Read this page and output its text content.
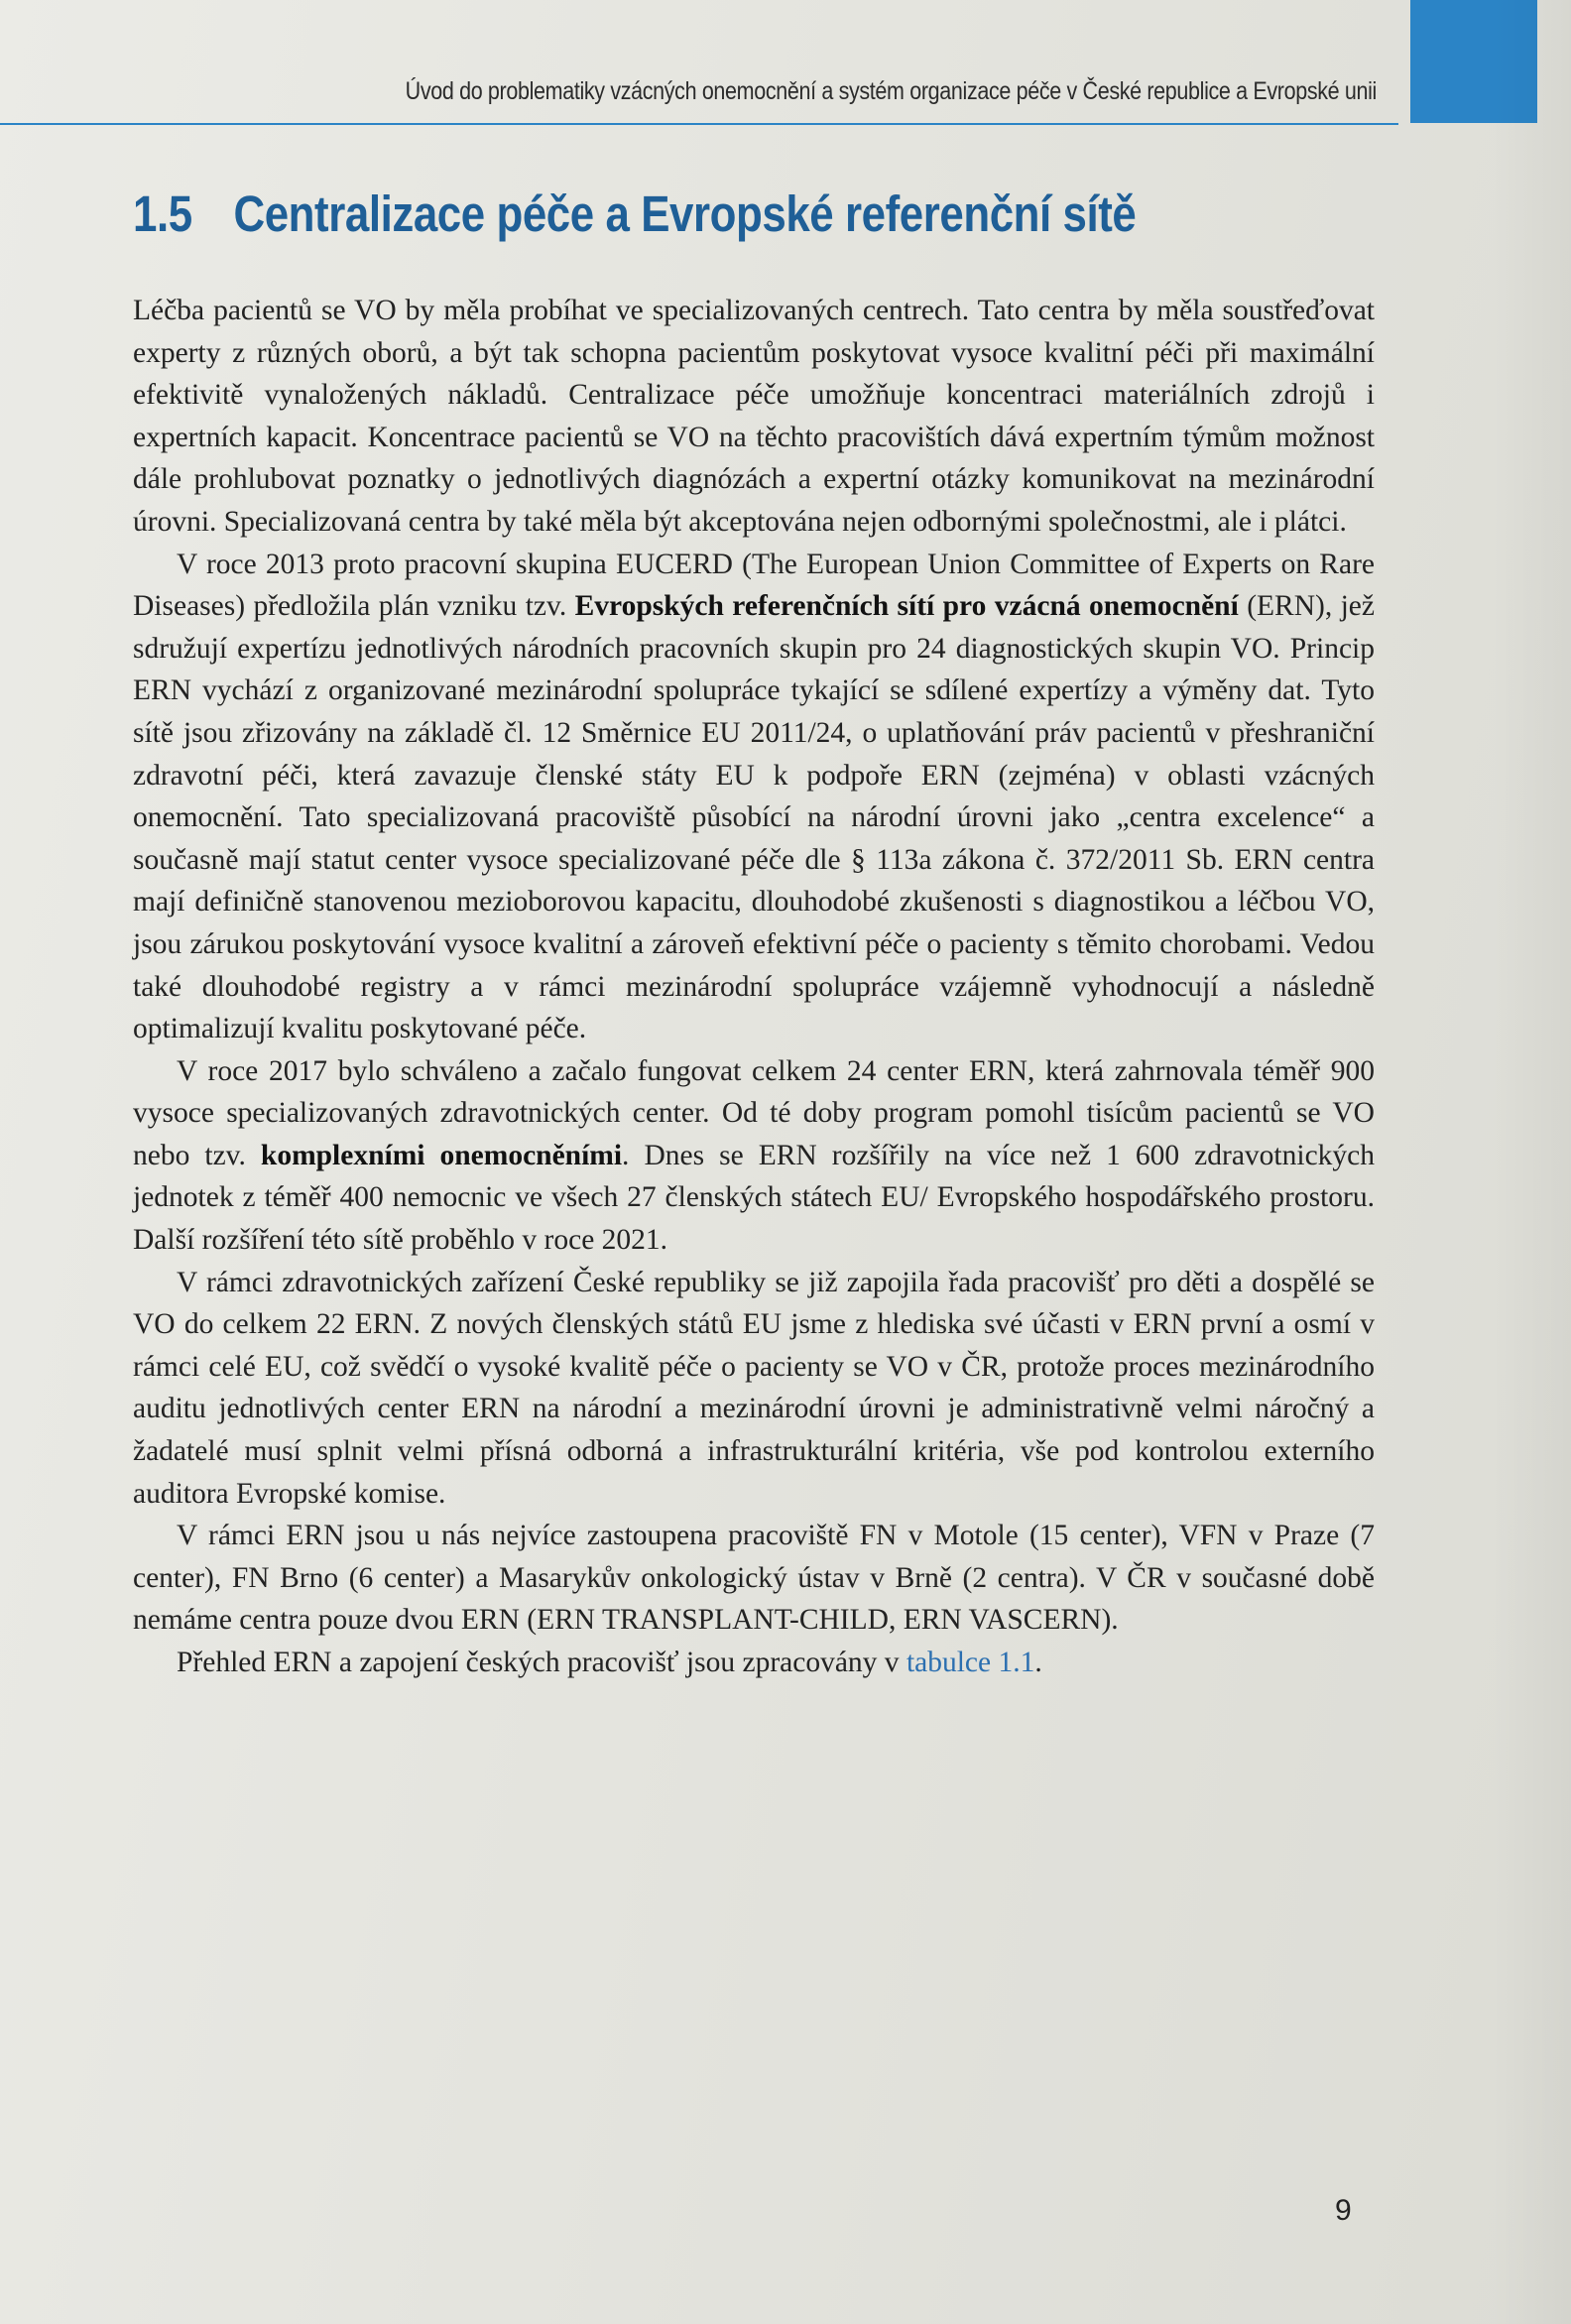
Úvod do problematiky vzácných onemocnění a systém organizace péče v České republice a Evropské unii
1.5 Centralizace péče a Evropské referenční sítě

Léčba pacientů se VO by měla probíhat ve specializovaných centrech. Tato centra by měla soustřeďovat experty z různých oborů, a být tak schopna pacientům poskytovat vysoce kvalitní péči při maximální efektivitě vynaložených nákladů. Centralizace péče umožňuje koncentraci materiálních zdrojů i expertních kapacit. Koncentrace pacientů se VO na těchto pracovištích dává expertním týmům možnost dále prohlubovat poznatky o jednotlivých diagnózách a expertní otázky komunikovat na mezinárodní úrovni. Specializovaná centra by také měla být akceptována nejen odbornými společnostmi, ale i plátci.

V roce 2013 proto pracovní skupina EUCERD (The European Union Committee of Experts on Rare Diseases) předložila plán vzniku tzv. Evropských referenčních sítí pro vzácná onemocnění (ERN), jež sdružují expertízu jednotlivých národních pracovních skupin pro 24 diagnostických skupin VO. Princip ERN vychází z organizované mezinárodní spolupráce tykající se sdílené expertízy a výměny dat. Tyto sítě jsou zřizovány na základě čl. 12 Směrnice EU 2011/24, o uplatňování práv pacientů v přeshraniční zdravotní péči, která zavazuje členské státy EU k podpoře ERN (zejména) v oblasti vzácných onemocnění. Tato specializovaná pracoviště působící na národní úrovni jako „centra excelence“ a současně mají statut center vysoce specializované péče dle § 113a zákona č. 372/2011 Sb. ERN centra mají definičně stanovenou mezioborovou kapacitu, dlouhodobé zkušenosti s diagnostikou a léčbou VO, jsou zárukou poskytování vysoce kvalitní a zároveň efektivní péče o pacienty s těmito chorobami. Vedou také dlouhodobé registry a v rámci mezinárodní spolupráce vzájemně vyhodnocují a následně optimalizují kvalitu poskytované péče.

V roce 2017 bylo schváleno a začalo fungovat celkem 24 center ERN, která zahrnovala téměř 900 vysoce specializovaných zdravotnických center. Od té doby program pomohl tisícům pacientů se VO nebo tzv. komplexními onemocněními. Dnes se ERN rozšířily na více než 1 600 zdravotnických jednotek z téměř 400 nemocnic ve všech 27 členských státech EU/ Evropského hospodářského prostoru. Další rozšíření této sítě proběhlo v roce 2021.

V rámci zdravotnických zařízení České republiky se již zapojila řada pracovišť pro děti a dospělé se VO do celkem 22 ERN. Z nových členských států EU jsme z hlediska své účasti v ERN první a osmí v rámci celé EU, což svědčí o vysoké kvalitě péče o pacienty se VO v ČR, protože proces mezinárodního auditu jednotlivých center ERN na národní a mezinárodní úrovni je administrativně velmi náročný a žadatelé musí splnit velmi přísná odborná a infrastrukturální kritéria, vše pod kontrolou externího auditora Evropské komise.

V rámci ERN jsou u nás nejvíce zastoupena pracoviště FN v Motole (15 center), VFN v Praze (7 center), FN Brno (6 center) a Masarykův onkologický ústav v Brně (2 centra). V ČR v současné době nemáme centra pouze dvou ERN (ERN TRANSPLANT-CHILD, ERN VASCERN).

Přehled ERN a zapojení českých pracovišť jsou zpracovány v tabulce 1.1.

9
